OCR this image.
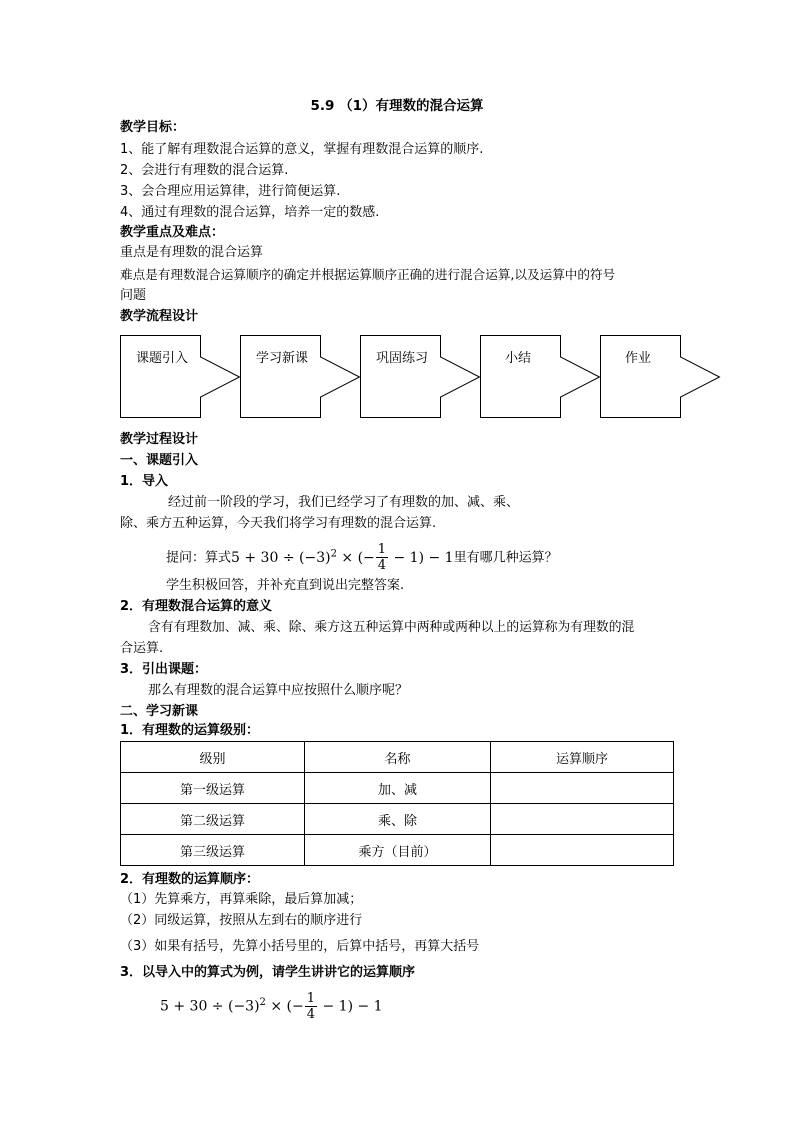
5.9 （1）有理数的混合运算
教学目标：
1、能了解有理数混合运算的意义，掌握有理数混合运算的顺序.
2、会进行有理数的混合运算.
3、会合理应用运算律，进行简便运算.
4、通过有理数的混合运算，培养一定的数感.
教学重点及难点：
重点是有理数的混合运算
难点是有理数混合运算顺序的确定并根据运算顺序正确的进行混合运算,以及运算中的符号
问题
教学流程设计
课题引入	学习新课	巩固练习	小结	作业
教学过程设计
一、课题引入
1．导入
经过前一阶段的学习，我们已经学习了有理数的加、减、乘、
除、乘方五种运算，今天我们将学习有理数的混合运算.
提问：算式$5 + 30 \div (-3)^2$ × (− $\frac{1}{4} - 1) - 1$里有哪几种运算？
学生积极回答，并补充直到说出完整答案.
2．有理数混合运算的意义
含有有理数加、减、乘、除、乘方这五种运算中两种或两种以上的运算称为有理数的混
合运算.
3．引出课题：
那么有理数的混合运算中应按照什么顺序呢？
二、学习新课
1．有理数的运算级别：
级别	名称	运算顺序
第一级运算	加、减	
第二级运算	乘、除	
第三级运算	乘方（目前）	
2．有理数的运算顺序：
（1）先算乘方，再算乘除，最后算加减；
（2）同级运算，按照从左到右的顺序进行
（3）如果有括号，先算小括号里的，后算中括号，再算大括号
3．以导入中的算式为例，请学生讲讲它的运算顺序
$5 + 30 \div (-3)^2$ × (− $\frac{1}{4} - 1) - 1$
